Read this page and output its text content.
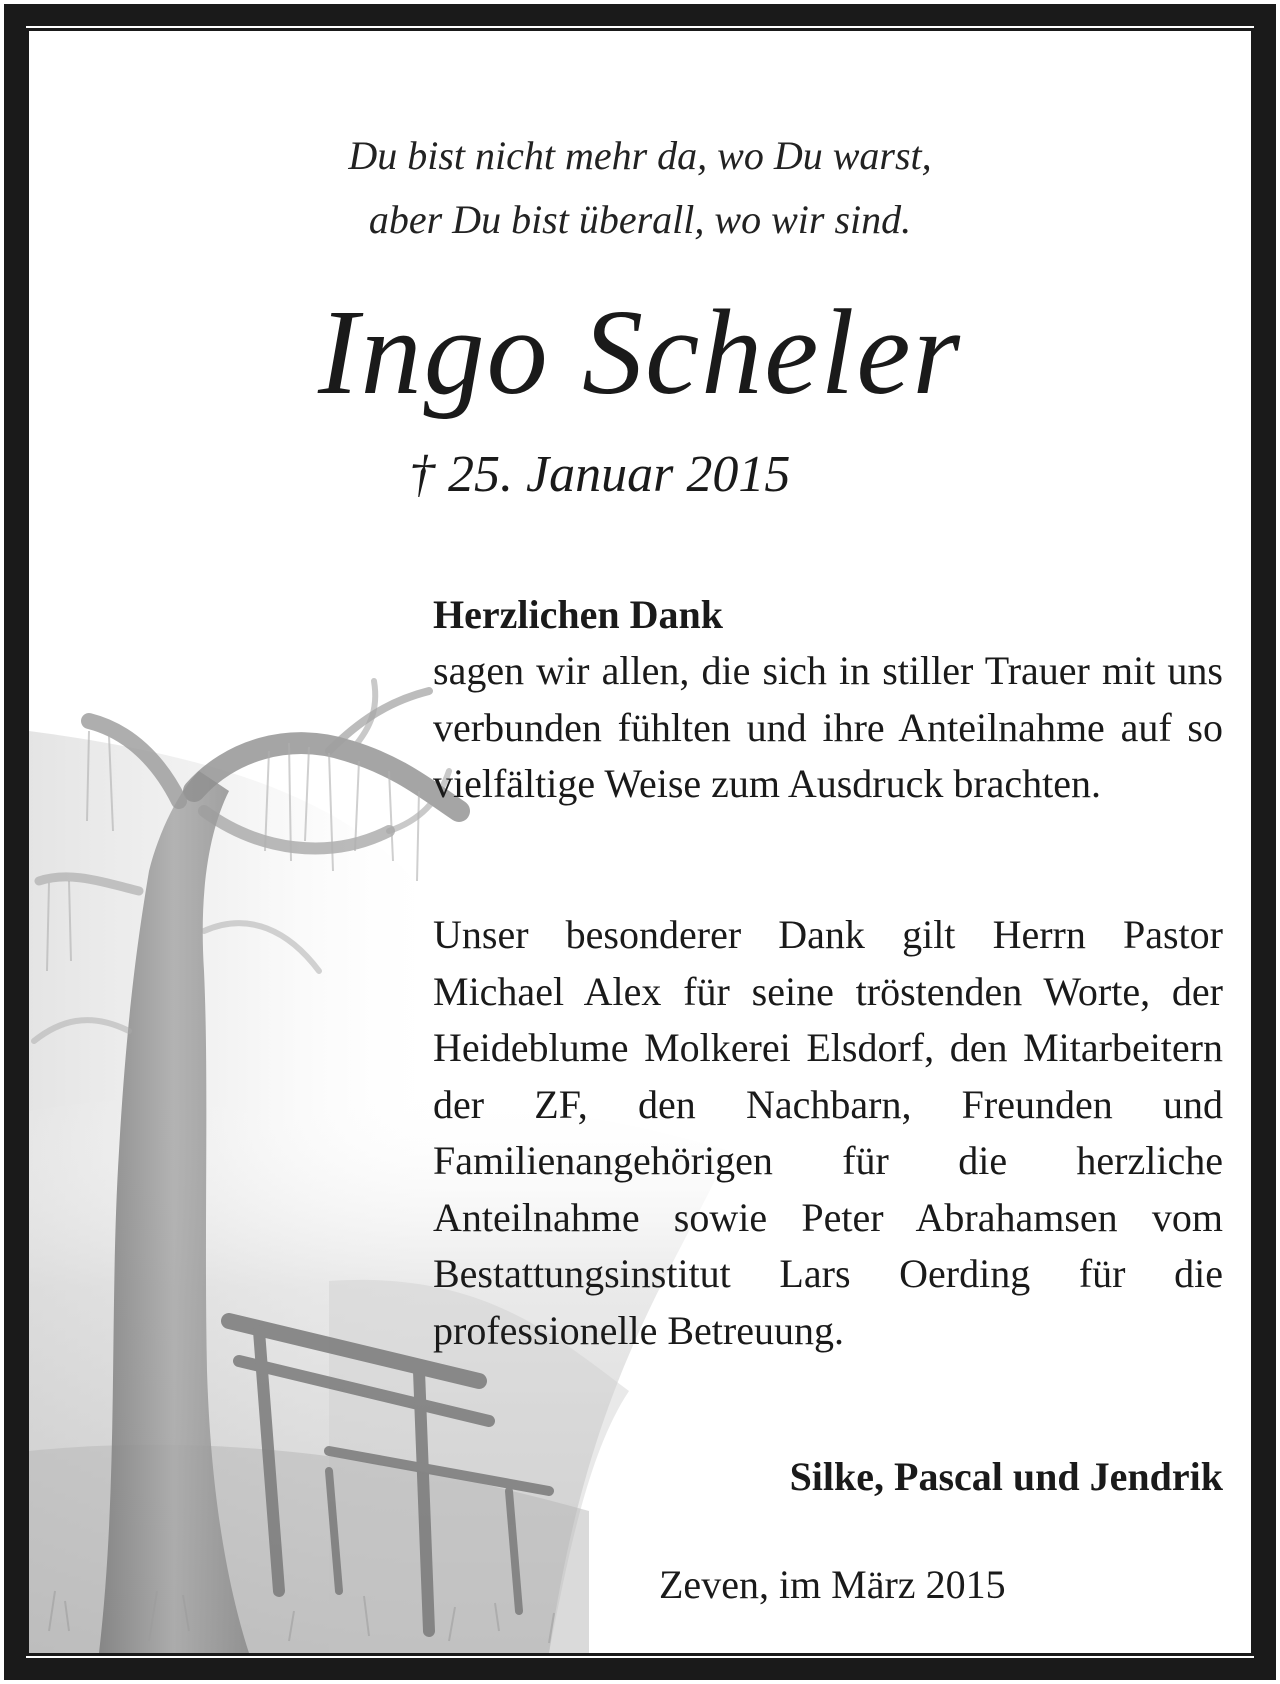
Du bist nicht mehr da, wo Du warst,
aber Du bist überall, wo wir sind.
Ingo Scheler
† 25. Januar 2015
Herzlichen Dank

sagen wir allen, die sich in stiller Trauer mit uns verbunden fühlten und ihre Anteilnahme auf so vielfältige Weise zum Ausdruck brachten.

Unser besonderer Dank gilt Herrn Pastor Michael Alex für seine tröstenden Worte, der Heideblume Molkerei Elsdorf, den Mitarbeitern der ZF, den Nachbarn, Freunden und Familienangehörigen für die herzliche Anteilnahme sowie Peter Abrahamsen vom Bestattungsinstitut Lars Oerding für die professionelle Betreuung.

Silke, Pascal und Jendrik
Zeven, im März 2015
